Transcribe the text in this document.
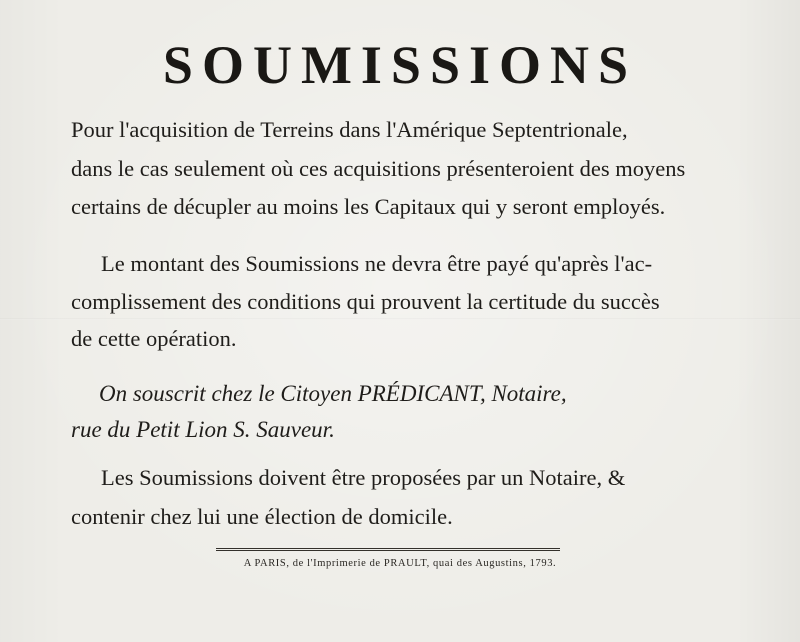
SOUMISSIONS
Pour l'acquisition de Terreins dans l'Amérique Septentrionale,
dans le cas seulement où ces acquisitions présenteroient des moyens
certains de décupler au moins les Capitaux qui y seront employés.
Le montant des Soumissions ne devra être payé qu'après l'ac-
complissement des conditions qui prouvent la certitude du succès
de cette opération.
On souscrit chez le Citoyen PRÉDICANT, Notaire,
rue du Petit Lion S. Sauveur.
Les Soumissions doivent être proposées par un Notaire, &
contenir chez lui une élection de domicile.
A PARIS, de l'Imprimerie de PRAULT, quai des Augustins, 1793.
